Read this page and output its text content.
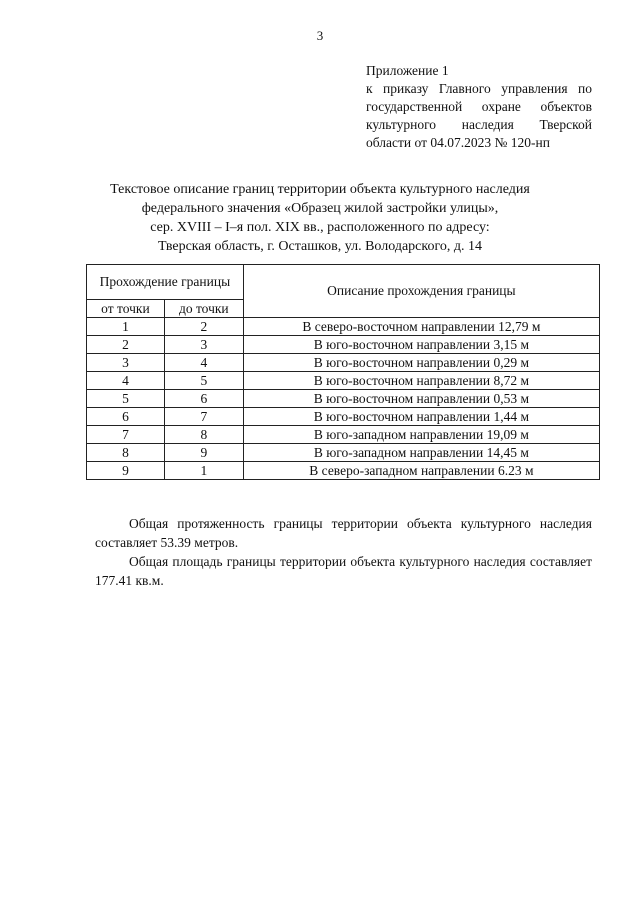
3
Приложение 1
к приказу Главного управления по
государственной охране объектов
культурного наследия Тверской
области от 04.07.2023 № 120-нп
Текстовое описание границ территории объекта культурного наследия
федерального значения «Образец жилой застройки улицы»,
сер. XVIII – I–я пол. XIX вв., расположенного по адресу:
Тверская область, г. Осташков, ул. Володарского, д. 14
Прохождение границы		Описание прохождения границы
от точки	до точки	
1	2	В северо-восточном направлении 12,79 м
2	3	В юго-восточном направлении 3,15 м
3	4	В юго-восточном направлении 0,29 м
4	5	В юго-восточном направлении 8,72 м
5	6	В юго-восточном направлении 0,53 м
6	7	В юго-восточном направлении 1,44 м
7	8	В юго-западном направлении 19,09 м
8	9	В юго-западном направлении 14,45 м
9	1	В северо-западном направлении 6.23 м

Общая протяженность границы территории объекта культурного наследия составляет 53.39 метров.

Общая площадь границы территории объекта культурного наследия составляет 177.41 кв.м.
